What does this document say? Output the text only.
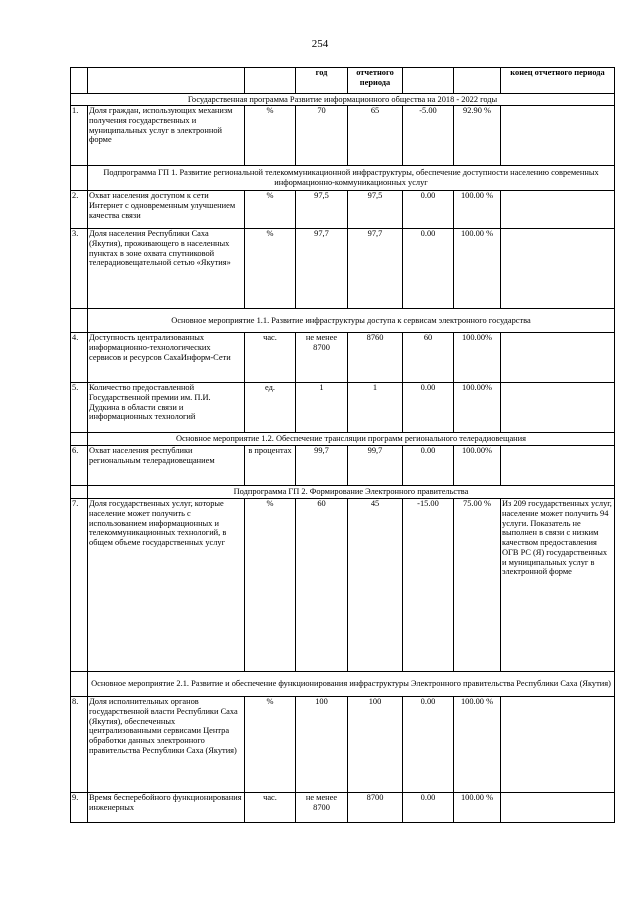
254
			год	отчетного периода			конец отчетного периода
Государственная программа Развитие информационного общества на 2018 - 2022 годы							
1.	Доля граждан, использующих механизм получения государственных и муниципальных услуг в электронной форме	%	70	65	-5.00	92.90 %	
	Подпрограмма ГП 1. Развитие региональной телекоммуникационной инфраструктуры, обеспечение доступности населению современных информационно-коммуникационных услуг						
2.	Охват населения доступом к сети Интернет с одновременным улучшением качества связи	%	97,5	97,5	0.00	100.00 %	
3.	Доля населения Республики Саха (Якутия), проживающего в населенных пунктах в зоне охвата спутниковой телерадиовещательной сетью «Якутия»	%	97,7	97,7	0.00	100.00 %	
	Основное мероприятие 1.1. Развитие инфраструктуры доступа к сервисам электронного государства						
4.	Доступность централизованных информационно-технологических сервисов и ресурсов СахаИнформ-Сети	час.	не менее 8700	8760	60	100.00%	
5.	Количество предоставленной Государственной премии им. П.И. Дудкина в области связи и информационных технологий	ед.	1	1	0.00	100.00%	
	Основное мероприятие 1.2. Обеспечение трансляции программ регионального телерадиовещания						
6.	Охват населения республики региональным телерадиовещанием	в процентах	99,7	99,7	0.00	100.00%	
	Подпрограмма ГП 2. Формирование Электронного правительства						
7.	Доля государственных услуг, которые население может получить с использованием информационных и телекоммуникационных технологий, в общем объеме государственных услуг	%	60	45	-15.00	75.00 %	Из 209 государственных услуг, население может получить 94 услуги. Показатель не выполнен в связи с низким качеством предоставления ОГВ РС (Я) государственных и муниципальных услуг в электронной форме
	Основное мероприятие 2.1. Развитие и обеспечение функционирования инфраструктуры Электронного правительства Республики Саха (Якутия)						
8.	Доля исполнительных органов государственной власти Республики Саха (Якутия), обеспеченных централизованными сервисами Центра обработки данных электронного правительства Республики Саха (Якутия)	%	100	100	0.00	100.00 %	
9.	Время бесперебойного функционирования инженерных	час.	не менее 8700	8700	0.00	100.00 %	
